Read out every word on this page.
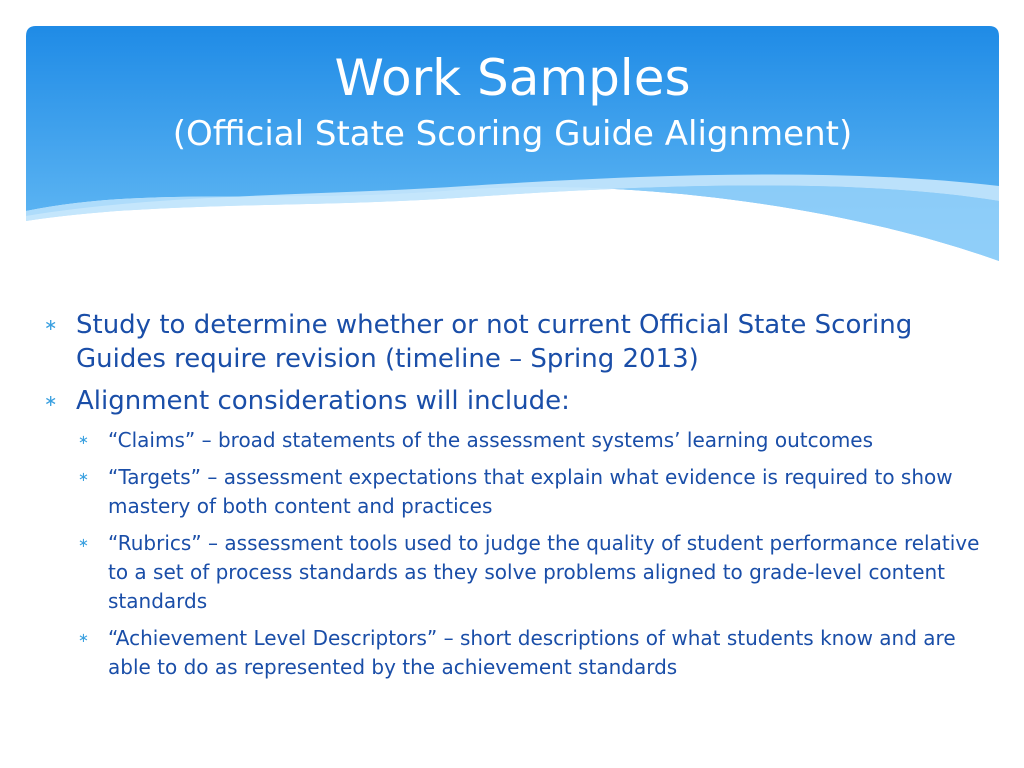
Work Samples
(Official State Scoring Guide Alignment)
∗ Study to determine whether or not current Official State Scoring Guides require revision (timeline – Spring 2013)
∗ Alignment considerations will include:
∗ “Claims” – broad statements of the assessment systems’ learning outcomes
∗ “Targets” – assessment expectations that explain what evidence is required to show mastery of both content and practices
∗ “Rubrics” – assessment tools used to judge the quality of student performance relative to a set of process standards as they solve problems aligned to grade-level content standards
∗ “Achievement Level Descriptors” – short descriptions of what students know and are able to do as represented by the achievement standards
